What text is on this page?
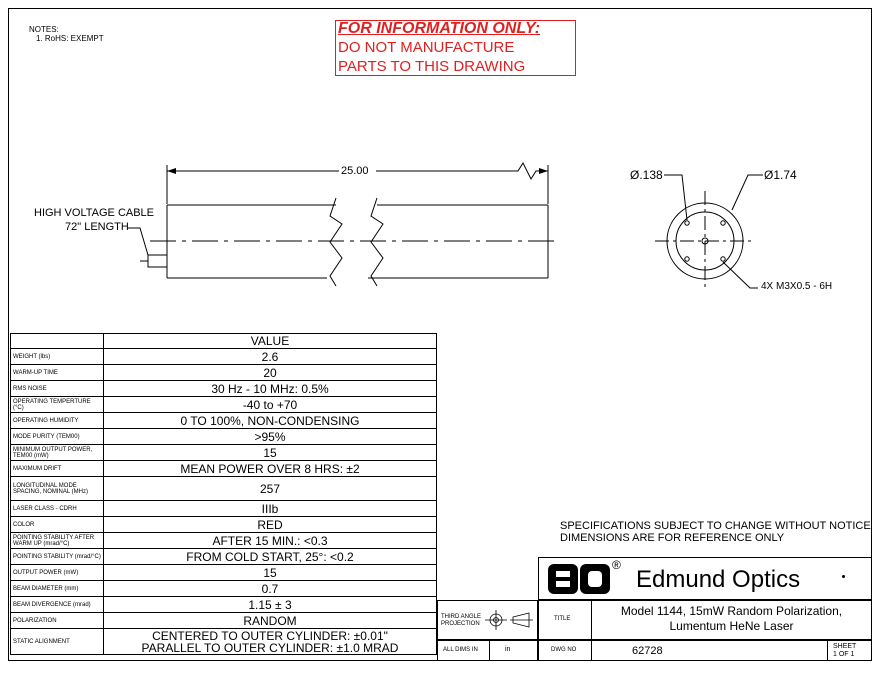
NOTES:
1. RoHS: EXEMPT
FOR INFORMATION ONLY:
DO NOT MANUFACTURE
PARTS TO THIS DRAWING
25.00
HIGH VOLTAGE CABLE
72" LENGTH
Ø.138	Ø1.74
4X M3X0.5 - 6H
	VALUE
WEIGHT (lbs)	2.6

WARM-UP TIME	20

RMS NOISE	30 Hz - 10 MHz: 0.5%

OPERATING TEMPERTURE (°C)	-40 to +70

OPERATING HUMIDITY	0 TO 100%, NON-CONDENSING

MODE PURITY (TEM00)	>95%

MINIMUM OUTPUT POWER, TEM00 (mW)	15

MAXIMUM DRIFT	MEAN POWER OVER 8 HRS: ±2

LONGITUDINAL MODE SPACING, NOMINAL (MHz)	257

LASER CLASS - CDRH	IIIb

COLOR	RED

POINTING STABILITY AFTER WARM UP (mrad/°C)	AFTER 15 MIN.: <0.3

POINTING STABILITY (mrad/°C)	FROM COLD START, 25°: <0.2

OUTPUT POWER (mW)	15

BEAM DIAMETER (mm)	0.7

BEAM DIVERGENCE (mrad)	1.15 ± 3

POLARIZATION	RANDOM

STATIC ALIGNMENT	CENTERED TO OUTER CYLINDER: ±0.01"
PARALLEL TO OUTER CYLINDER: ±1.0 MRAD
SPECIFICATIONS SUBJECT TO CHANGE WITHOUT NOTICE
DIMENSIONS ARE FOR REFERENCE ONLY
®
Edmund Optics
THIRD ANGLE
PROJECTION
TITLE
Model 1144, 15mW Random Polarization,
Lumentum HeNe Laser
ALL DIMS IN	in	DWG NO	62728	SHEET
1 OF 1
